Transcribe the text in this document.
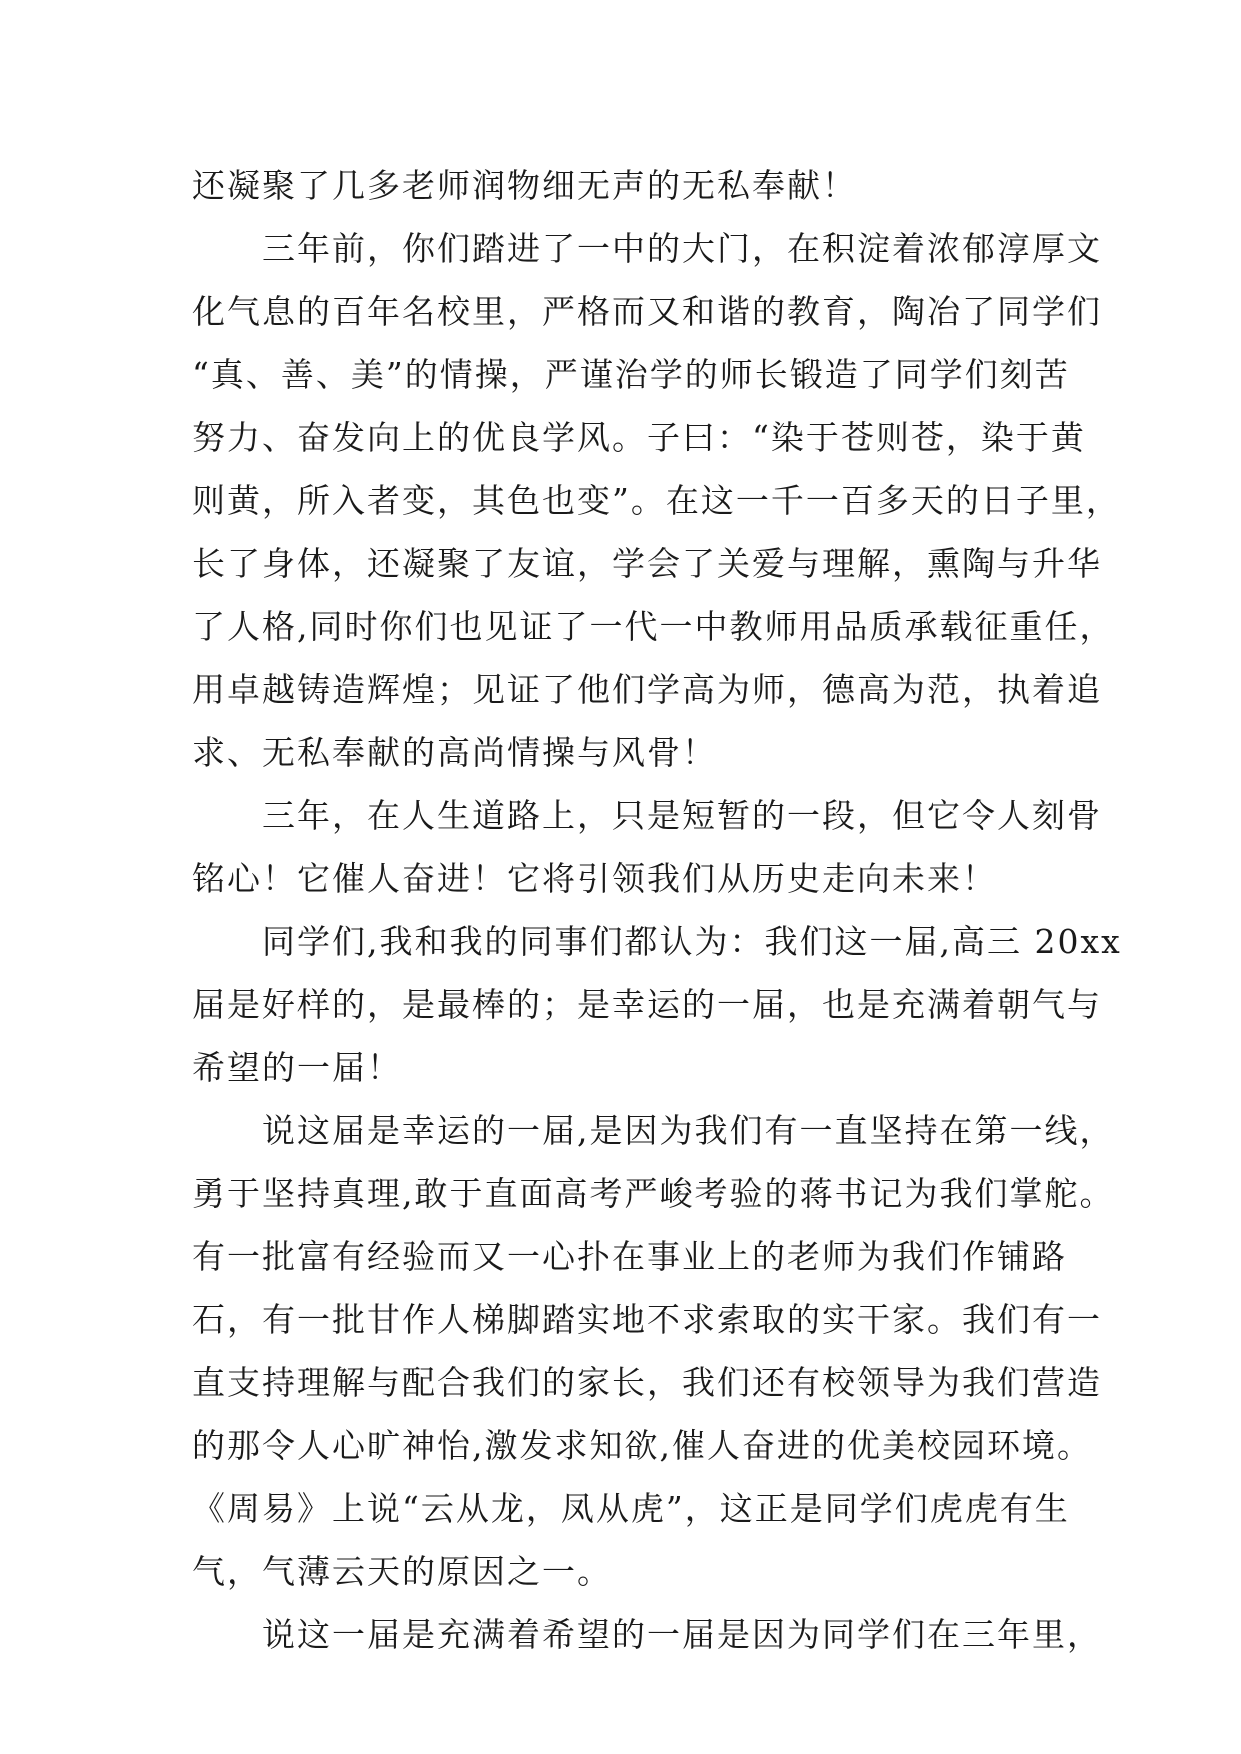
还凝聚了几多老师润物细无声的无私奉献！
　　三年前，你们踏进了一中的大门，在积淀着浓郁淳厚文
化气息的百年名校里，严格而又和谐的教育，陶冶了同学们
“真、善、美”的情操，严谨治学的师长锻造了同学们刻苦
努力、奋发向上的优良学风。子曰：“染于苍则苍，染于黄
则黄，所入者变，其色也变”。在这一千一百多天的日子里，
长了身体，还凝聚了友谊，学会了关爱与理解，熏陶与升华
了人格,同时你们也见证了一代一中教师用品质承载征重任，
用卓越铸造辉煌；见证了他们学高为师，德高为范，执着追
求、无私奉献的高尚情操与风骨！
　　三年，在人生道路上，只是短暂的一段，但它令人刻骨
铭心！它催人奋进！它将引领我们从历史走向未来！
　　同学们,我和我的同事们都认为：我们这一届,高三 20xx
届是好样的，是最棒的；是幸运的一届，也是充满着朝气与
希望的一届！
　　说这届是幸运的一届,是因为我们有一直坚持在第一线，
勇于坚持真理,敢于直面高考严峻考验的蒋书记为我们掌舵。
有一批富有经验而又一心扑在事业上的老师为我们作铺路
石，有一批甘作人梯脚踏实地不求索取的实干家。我们有一
直支持理解与配合我们的家长，我们还有校领导为我们营造
的那令人心旷神怡,激发求知欲,催人奋进的优美校园环境。
《周易》上说“云从龙，凤从虎”，这正是同学们虎虎有生
气，气薄云天的原因之一。
　　说这一届是充满着希望的一届是因为同学们在三年里，
